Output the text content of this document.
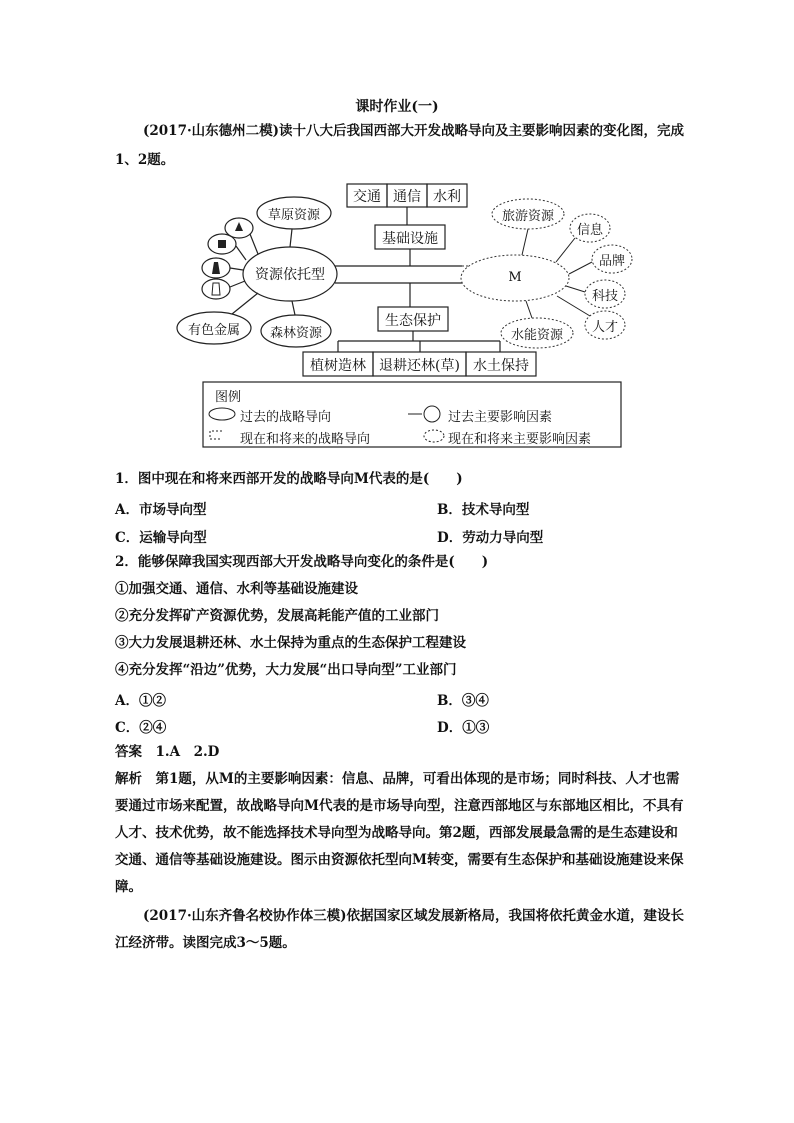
课时作业(一)
(2017·山东德州二模)读十八大后我国西部大开发战略导向及主要影响因素的变化图，完成
1、2题。
交通 通信 水利
基础设施
资源依托型	M
草原资源
有色金属	森林资源
旅游资源
信息
品牌
科技
人才
水能资源
生态保护
植树造林 退耕还林(草) 水土保持
图例
过去的战略导向	过去主要影响因素
现在和将来的战略导向	现在和将来主要影响因素
1．图中现在和将来西部开发的战略导向M代表的是(　　)
A．市场导向型	B．技术导向型
C．运输导向型	D．劳动力导向型
2．能够保障我国实现西部大开发战略导向变化的条件是(　　)
①加强交通、通信、水利等基础设施建设
②充分发挥矿产资源优势，发展高耗能产值的工业部门
③大力发展退耕还林、水土保持为重点的生态保护工程建设
④充分发挥“沿边”优势，大力发展“出口导向型”工业部门
A．①②	B．③④
C．②④	D．①③
答案　1.A　2.D
解析　第1题，从M的主要影响因素：信息、品牌，可看出体现的是市场；同时科技、人才也需
要通过市场来配置，故战略导向M代表的是市场导向型，注意西部地区与东部地区相比，不具有
人才、技术优势，故不能选择技术导向型为战略导向。第2题，西部发展最急需的是生态建设和
交通、通信等基础设施建设。图示由资源依托型向M转变，需要有生态保护和基础设施建设来保
障。
(2017·山东齐鲁名校协作体三模)依据国家区域发展新格局，我国将依托黄金水道，建设长
江经济带。读图完成3～5题。
